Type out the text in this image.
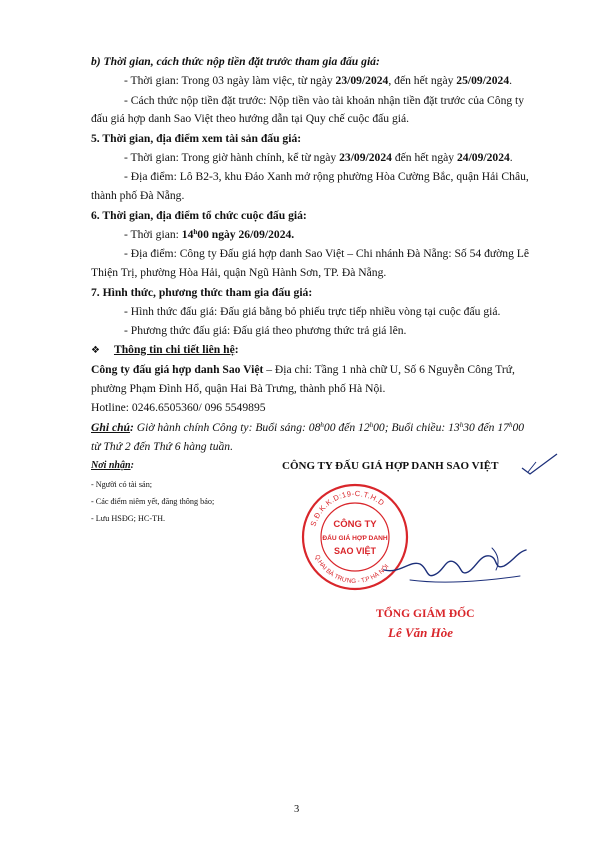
b) Thời gian, cách thức nộp tiền đặt trước tham gia đấu giá:
- Thời gian: Trong 03 ngày làm việc, từ ngày 23/09/2024, đến hết ngày 25/09/2024.
- Cách thức nộp tiền đặt trước: Nộp tiền vào tài khoản nhận tiền đặt trước của Công ty
đấu giá hợp danh Sao Việt theo hướng dẫn tại Quy chế cuộc đấu giá.
5. Thời gian, địa điểm xem tài sản đấu giá:
- Thời gian: Trong giờ hành chính, kể từ ngày 23/09/2024 đến hết ngày 24/09/2024.
- Địa điểm: Lô B2-3, khu Đảo Xanh mở rộng phường Hòa Cường Bắc, quận Hải Châu,
thành phố Đà Nẵng.
6. Thời gian, địa điểm tổ chức cuộc đấu giá:
- Thời gian: 14$^h$00 ngày 26/09/2024.
- Địa điểm: Công ty Đấu giá hợp danh Sao Việt – Chi nhánh Đà Nẵng: Số 54 đường Lê
Thiện Trị, phường Hòa Hải, quận Ngũ Hành Sơn, TP. Đà Nẵng.
7. Hình thức, phương thức tham gia đấu giá:
- Hình thức đấu giá: Đấu giá bằng bỏ phiếu trực tiếp nhiều vòng tại cuộc đấu giá.
- Phương thức đấu giá: Đấu giá theo phương thức trả giá lên.
❖ Thông tin chi tiết liên hệ:
Công ty đấu giá hợp danh Sao Việt – Địa chỉ: Tầng 1 nhà chữ U, Số 6 Nguyễn Công Trứ,
phường Phạm Đình Hổ, quận Hai Bà Trưng, thành phố Hà Nội.
Hotline: 0246.6505360/ 096 5549895
Ghi chú: Giờ hành chính Công ty: Buổi sáng: 08$^h$00 đến 12$^h$00; Buổi chiều: 13$^h$30 đến 17$^h$00
từ Thứ 2 đến Thứ 6 hàng tuần.
Nơi nhận:
- Người có tài sản;
- Các điểm niêm yết, đăng thông báo;
- Lưu HSĐG; HC-TH.
CÔNG TY ĐẤU GIÁ HỢP DANH SAO VIỆT
S.Đ.K.K.D:19-C.T.H.D
Q.HAI BÀ TRƯNG - T.P HÀ NỘI
CÔNG TY
ĐẤU GIÁ HỢP DANH
SAO VIỆT
TỔNG GIÁM ĐỐC
Lê Văn Hòe
3
